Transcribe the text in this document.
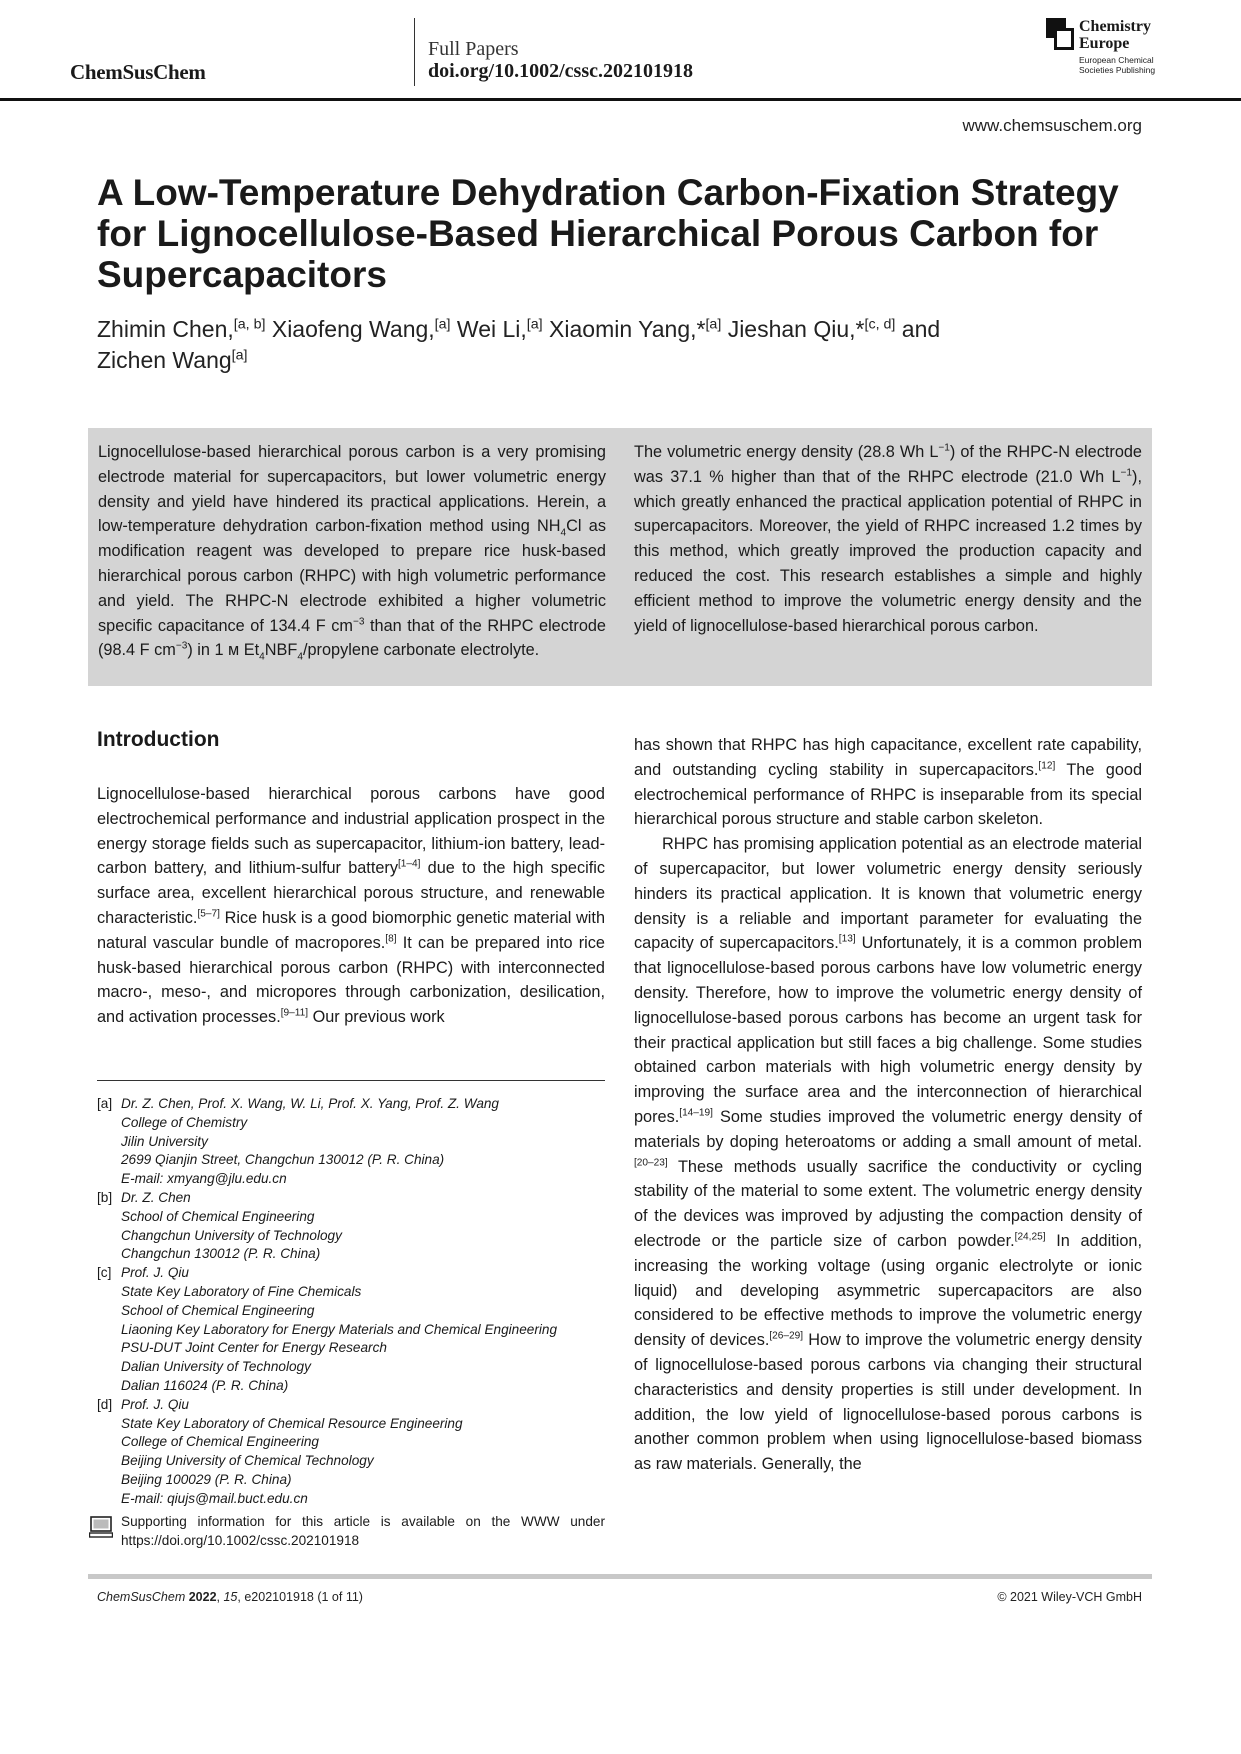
ChemSusChem
Full Papers
doi.org/10.1002/cssc.202101918
Chemistry
Europe
European Chemical
Societies Publishing
www.chemsuschem.org
A Low-Temperature Dehydration Carbon-Fixation Strategy for Lignocellulose-Based Hierarchical Porous Carbon for Supercapacitors
Zhimin Chen,[a, b] Xiaofeng Wang,[a] Wei Li,[a] Xiaomin Yang,*[a] Jieshan Qiu,*[c, d] and
Zichen Wang[a]
Lignocellulose-based hierarchical porous carbon is a very promising electrode material for supercapacitors, but lower volumetric energy density and yield have hindered its practical applications. Herein, a low-temperature dehydration carbon-fixation method using $NH_4Cl$ as modification reagent was developed to prepare rice husk-based hierarchical porous carbon (RHPC) with high volumetric performance and yield. The RHPC-N electrode exhibited a higher volumetric specific capacitance of 134.4 F $cm^{-3}$ than that of the RHPC electrode (98.4 F $cm^{-3}$) in 1 м $Et_4NBF_4$/propylene carbonate electrolyte.
The volumetric energy density (28.8 Wh $L^{-1}$) of the RHPC-N electrode was 37.1 % higher than that of the RHPC electrode (21.0 Wh $L^{-1}$), which greatly enhanced the practical application potential of RHPC in supercapacitors. Moreover, the yield of RHPC increased 1.2 times by this method, which greatly improved the production capacity and reduced the cost. This research establishes a simple and highly efficient method to improve the volumetric energy density and the yield of lignocellulose-based hierarchical porous carbon.
Introduction

Lignocellulose-based hierarchical porous carbons have good electrochemical performance and industrial application prospect in the energy storage fields such as supercapacitor, lithium-ion battery, lead-carbon battery, and lithium-sulfur battery[1–4] due to the high specific surface area, excellent hierarchical porous structure, and renewable characteristic.[5–7] Rice husk is a good biomorphic genetic material with natural vascular bundle of macropores.[8] It can be prepared into rice husk-based hierarchical porous carbon (RHPC) with interconnected macro-, meso-, and micropores through carbonization, desilication, and activation processes.[9–11] Our previous work

has shown that RHPC has high capacitance, excellent rate capability, and outstanding cycling stability in supercapacitors.[12] The good electrochemical performance of RHPC is inseparable from its special hierarchical porous structure and stable carbon skeleton.

RHPC has promising application potential as an electrode material of supercapacitor, but lower volumetric energy density seriously hinders its practical application. It is known that volumetric energy density is a reliable and important parameter for evaluating the capacity of supercapacitors.[13] Unfortunately, it is a common problem that lignocellulose-based porous carbons have low volumetric energy density. Therefore, how to improve the volumetric energy density of lignocellulose-based porous carbons has become an urgent task for their practical application but still faces a big challenge. Some studies obtained carbon materials with high volumetric energy density by improving the surface area and the interconnection of hierarchical pores.[14–19] Some studies improved the volumetric energy density of materials by doping heteroatoms or adding a small amount of metal.[20–23] These methods usually sacrifice the conductivity or cycling stability of the material to some extent. The volumetric energy density of the devices was improved by adjusting the compaction density of electrode or the particle size of carbon powder.[24,25] In addition, increasing the working voltage (using organic electrolyte or ionic liquid) and developing asymmetric supercapacitors are also considered to be effective methods to improve the volumetric energy density of devices.[26–29] How to improve the volumetric energy density of lignocellulose-based porous carbons via changing their structural characteristics and density properties is still under development. In addition, the low yield of lignocellulose-based porous carbons is another common problem when using lignocellulose-based biomass as raw materials. Generally, the

[a] Dr. Z. Chen, Prof. X. Wang, W. Li, Prof. X. Yang, Prof. Z. Wang
College of Chemistry
Jilin University
2699 Qianjin Street, Changchun 130012 (P. R. China)
E-mail: xmyang@jlu.edu.cn
[b] Dr. Z. Chen
School of Chemical Engineering
Changchun University of Technology
Changchun 130012 (P. R. China)
[c] Prof. J. Qiu
State Key Laboratory of Fine Chemicals
School of Chemical Engineering
Liaoning Key Laboratory for Energy Materials and Chemical Engineering
PSU-DUT Joint Center for Energy Research
Dalian University of Technology
Dalian 116024 (P. R. China)
[d] Prof. J. Qiu
State Key Laboratory of Chemical Resource Engineering
College of Chemical Engineering
Beijing University of Chemical Technology
Beijing 100029 (P. R. China)
E-mail: qiujs@mail.buct.edu.cn
Supporting information for this article is available on the WWW under https://doi.org/10.1002/cssc.202101918
ChemSusChem 2022, 15, e202101918 (1 of 11)	© 2021 Wiley-VCH GmbH
